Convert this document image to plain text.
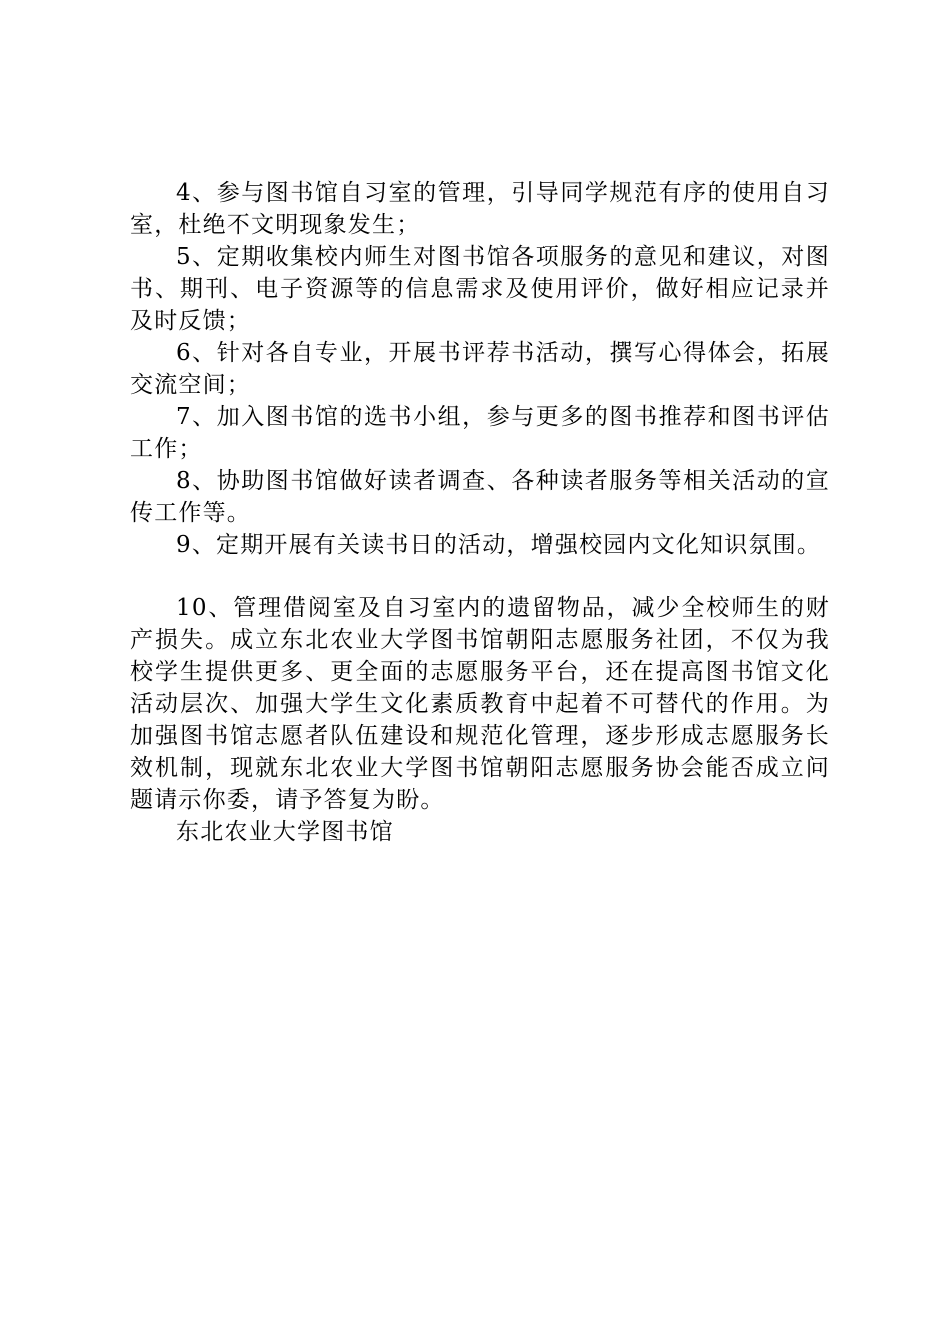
4、参与图书馆自习室的管理，引导同学规范有序的使用自习室，杜绝不文明现象发生；

5、定期收集校内师生对图书馆各项服务的意见和建议，对图书、期刊、电子资源等的信息需求及使用评价，做好相应记录并及时反馈；

6、针对各自专业，开展书评荐书活动，撰写心得体会，拓展交流空间；

7、加入图书馆的选书小组，参与更多的图书推荐和图书评估工作；

8、协助图书馆做好读者调查、各种读者服务等相关活动的宣传工作等。

9、定期开展有关读书日的活动，增强校园内文化知识氛围。

10、管理借阅室及自习室内的遗留物品，减少全校师生的财产损失。成立东北农业大学图书馆朝阳志愿服务社团，不仅为我校学生提供更多、更全面的志愿服务平台，还在提高图书馆文化活动层次、加强大学生文化素质教育中起着不可替代的作用。为加强图书馆志愿者队伍建设和规范化管理，逐步形成志愿服务长效机制，现就东北农业大学图书馆朝阳志愿服务协会能否成立问题请示你委，请予答复为盼。

东北农业大学图书馆
